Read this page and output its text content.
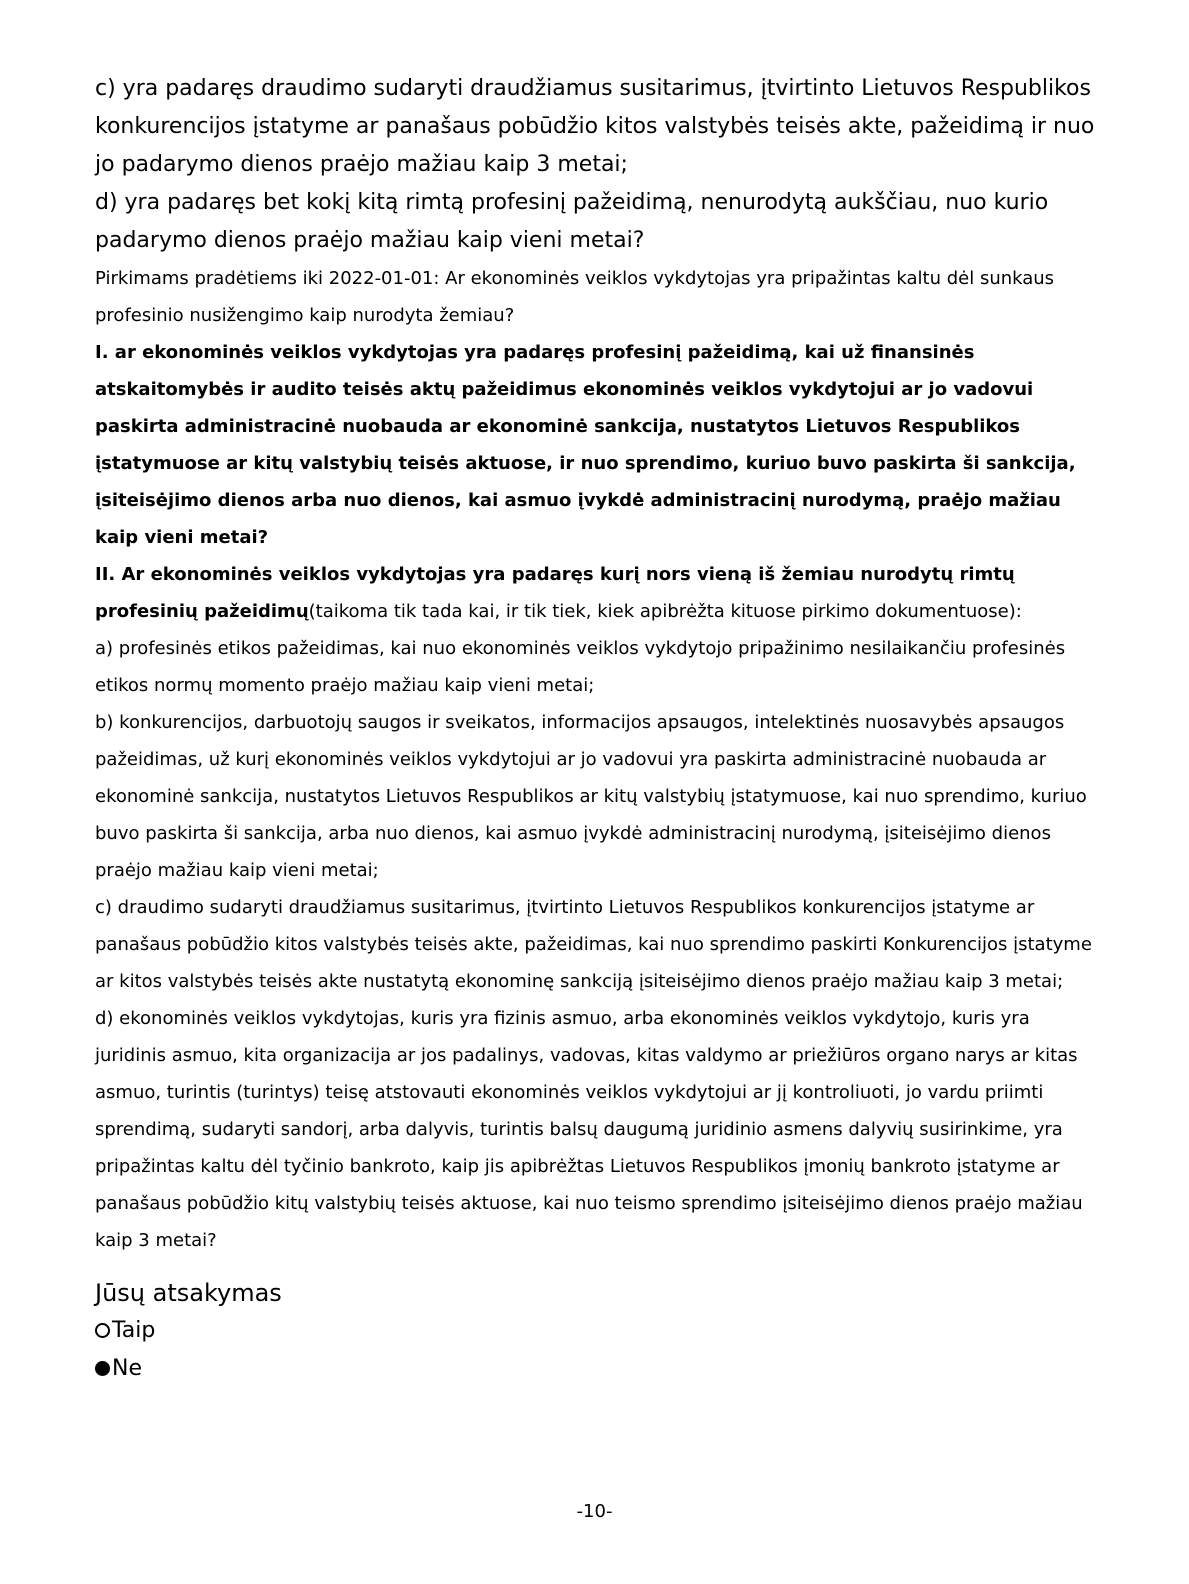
c) yra padaręs draudimo sudaryti draudžiamus susitarimus, įtvirtinto Lietuvos Respublikos konkurencijos įstatyme ar panašaus pobūdžio kitos valstybės teisės akte, pažeidimą ir nuo jo padarymo dienos praėjo mažiau kaip 3 metai;
d) yra padaręs bet kokį kitą rimtą profesinį pažeidimą, nenurodytą aukščiau, nuo kurio padarymo dienos praėjo mažiau kaip vieni metai?
Pirkimams pradėtiems iki 2022-01-01: Ar ekonominės veiklos vykdytojas yra pripažintas kaltu dėl sunkaus profesinio nusižengimo kaip nurodyta žemiau?
I. ar ekonominės veiklos vykdytojas yra padaręs profesinį pažeidimą, kai už finansinės atskaitomybės ir audito teisės aktų pažeidimus ekonominės veiklos vykdytojui ar jo vadovui paskirta administracinė nuobauda ar ekonominė sankcija, nustatytos Lietuvos Respublikos įstatymuose ar kitų valstybių teisės aktuose, ir nuo sprendimo, kuriuo buvo paskirta ši sankcija, įsiteisėjimo dienos arba nuo dienos, kai asmuo įvykdė administracinį nurodymą, praėjo mažiau kaip vieni metai?
II. Ar ekonominės veiklos vykdytojas yra padaręs kurį nors vieną iš žemiau nurodytų rimtų profesinių pažeidimų(taikoma tik tada kai, ir tik tiek, kiek apibrėžta kituose pirkimo dokumentuose):
a) profesinės etikos pažeidimas, kai nuo ekonominės veiklos vykdytojo pripažinimo nesilaikančiu profesinės etikos normų momento praėjo mažiau kaip vieni metai;
b) konkurencijos, darbuotojų saugos ir sveikatos, informacijos apsaugos, intelektinės nuosavybės apsaugos pažeidimas, už kurį ekonominės veiklos vykdytojui ar jo vadovui yra paskirta administracinė nuobauda ar ekonominė sankcija, nustatytos Lietuvos Respublikos ar kitų valstybių įstatymuose, kai nuo sprendimo, kuriuo buvo paskirta ši sankcija, arba nuo dienos, kai asmuo įvykdė administracinį nurodymą, įsiteisėjimo dienos praėjo mažiau kaip vieni metai;
c) draudimo sudaryti draudžiamus susitarimus, įtvirtinto Lietuvos Respublikos konkurencijos įstatyme ar panašaus pobūdžio kitos valstybės teisės akte, pažeidimas, kai nuo sprendimo paskirti Konkurencijos įstatyme ar kitos valstybės teisės akte nustatytą ekonominę sankciją įsiteisėjimo dienos praėjo mažiau kaip 3 metai;
d) ekonominės veiklos vykdytojas, kuris yra fizinis asmuo, arba ekonominės veiklos vykdytojo, kuris yra juridinis asmuo, kita organizacija ar jos padalinys, vadovas, kitas valdymo ar priežiūros organo narys ar kitas asmuo, turintis (turintys) teisę atstovauti ekonominės veiklos vykdytojui ar jį kontroliuoti, jo vardu priimti sprendimą, sudaryti sandorį, arba dalyvis, turintis balsų daugumą juridinio asmens dalyvių susirinkime, yra pripažintas kaltu dėl tyčinio bankroto, kaip jis apibrėžtas Lietuvos Respublikos įmonių bankroto įstatyme ar panašaus pobūdžio kitų valstybių teisės aktuose, kai nuo teismo sprendimo įsiteisėjimo dienos praėjo mažiau kaip 3 metai?
Jūsų atsakymas
Taip
Ne
-10-
